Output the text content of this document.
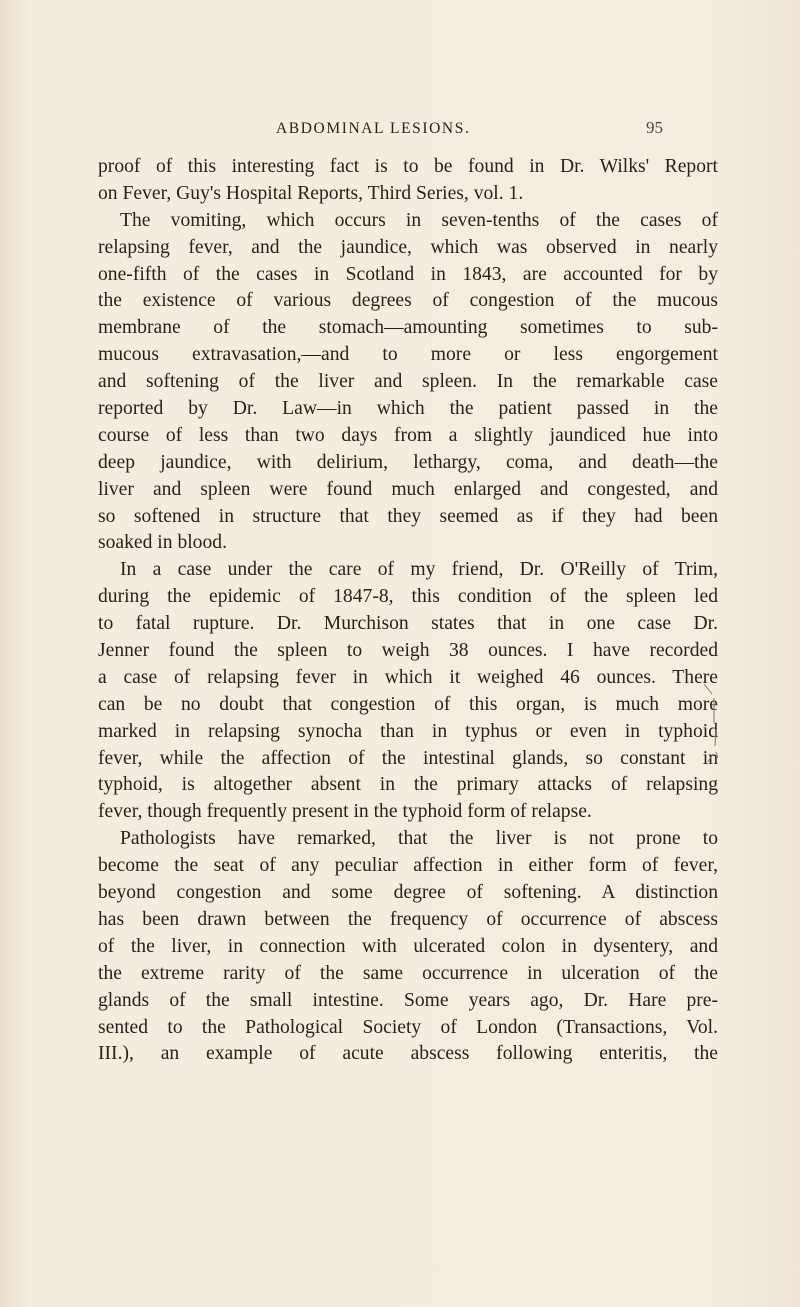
ABDOMINAL LESIONS.	95
proof of this interesting fact is to be found in Dr. Wilks' Report
on Fever, Guy's Hospital Reports, Third Series, vol. 1.
The vomiting, which occurs in seven-tenths of the cases of
relapsing fever, and the jaundice, which was observed in nearly
one-fifth of the cases in Scotland in 1843, are accounted for by
the existence of various degrees of congestion of the mucous
membrane of the stomach—amounting sometimes to sub-
mucous extravasation,—and to more or less engorgement
and softening of the liver and spleen. In the remarkable case
reported by Dr. Law—in which the patient passed in the
course of less than two days from a slightly jaundiced hue into
deep jaundice, with delirium, lethargy, coma, and death—the
liver and spleen were found much enlarged and congested, and
so softened in structure that they seemed as if they had been
soaked in blood.
In a case under the care of my friend, Dr. O'Reilly of Trim,
during the epidemic of 1847-8, this condition of the spleen led
to fatal rupture. Dr. Murchison states that in one case Dr.
Jenner found the spleen to weigh 38 ounces. I have recorded
a case of relapsing fever in which it weighed 46 ounces. There
can be no doubt that congestion of this organ, is much more
marked in relapsing synocha than in typhus or even in typhoid
fever, while the affection of the intestinal glands, so constant in
typhoid, is altogether absent in the primary attacks of relapsing
fever, though frequently present in the typhoid form of relapse.
Pathologists have remarked, that the liver is not prone to
become the seat of any peculiar affection in either form of fever,
beyond congestion and some degree of softening. A distinction
has been drawn between the frequency of occurrence of abscess
of the liver, in connection with ulcerated colon in dysentery, and
the extreme rarity of the same occurrence in ulceration of the
glands of the small intestine. Some years ago, Dr. Hare pre-
sented to the Pathological Society of London (Transactions, Vol.
III.), an example of acute abscess following enteritis, the
